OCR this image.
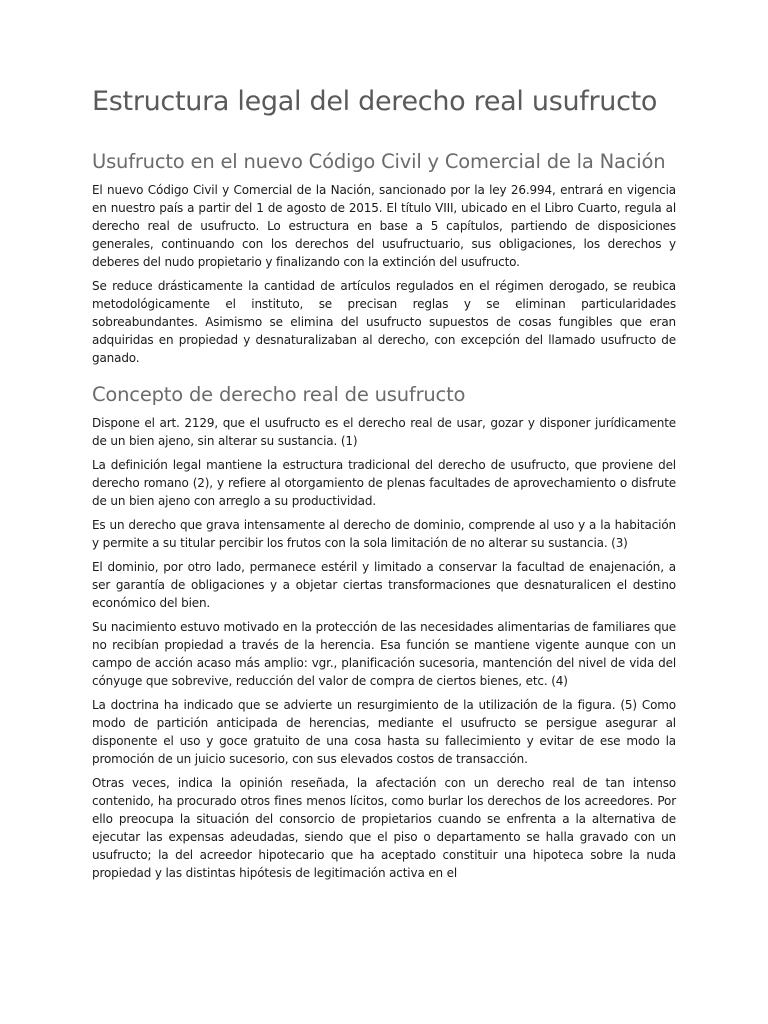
Estructura legal del derecho real usufructo
Usufructo en el nuevo Código Civil y Comercial de la Nación

El nuevo Código Civil y Comercial de la Nación, sancionado por la ley 26.994, entrará en vigencia en nuestro país a partir del 1 de agosto de 2015. El título VIII, ubicado en el Libro Cuarto, regula al derecho real de usufructo. Lo estructura en base a 5 capítulos, partiendo de disposiciones generales, continuando con los derechos del usufructuario, sus obligaciones, los derechos y deberes del nudo propietario y finalizando con la extinción del usufructo.

Se reduce drásticamente la cantidad de artículos regulados en el régimen derogado, se reubica metodológicamente el instituto, se precisan reglas y se eliminan particularidades sobreabundantes. Asimismo se elimina del usufructo supuestos de cosas fungibles que eran adquiridas en propiedad y desnaturalizaban al derecho, con excepción del llamado usufructo de ganado.

Concepto de derecho real de usufructo

Dispone el art. 2129, que el usufructo es el derecho real de usar, gozar y disponer jurídicamente de un bien ajeno, sin alterar su sustancia. (1)

La definición legal mantiene la estructura tradicional del derecho de usufructo, que proviene del derecho romano (2), y refiere al otorgamiento de plenas facultades de aprovechamiento o disfrute de un bien ajeno con arreglo a su productividad.

Es un derecho que grava intensamente al derecho de dominio, comprende al uso y a la habitación y permite a su titular percibir los frutos con la sola limitación de no alterar su sustancia. (3)

El dominio, por otro lado, permanece estéril y limitado a conservar la facultad de enajenación, a ser garantía de obligaciones y a objetar ciertas transformaciones que desnaturalicen el destino económico del bien.

Su nacimiento estuvo motivado en la protección de las necesidades alimentarias de familiares que no recibían propiedad a través de la herencia. Esa función se mantiene vigente aunque con un campo de acción acaso más amplio: vgr., planificación sucesoria, mantención del nivel de vida del cónyuge que sobrevive, reducción del valor de compra de ciertos bienes, etc. (4)

La doctrina ha indicado que se advierte un resurgimiento de la utilización de la figura. (5) Como modo de partición anticipada de herencias, mediante el usufructo se persigue asegurar al disponente el uso y goce gratuito de una cosa hasta su fallecimiento y evitar de ese modo la promoción de un juicio sucesorio, con sus elevados costos de transacción.

Otras veces, indica la opinión reseñada, la afectación con un derecho real de tan intenso contenido, ha procurado otros fines menos lícitos, como burlar los derechos de los acreedores. Por ello preocupa la situación del consorcio de propietarios cuando se enfrenta a la alternativa de ejecutar las expensas adeudadas, siendo que el piso o departamento se halla gravado con un usufructo; la del acreedor hipotecario que ha aceptado constituir una hipoteca sobre la nuda propiedad y las distintas hipótesis de legitimación activa en el
